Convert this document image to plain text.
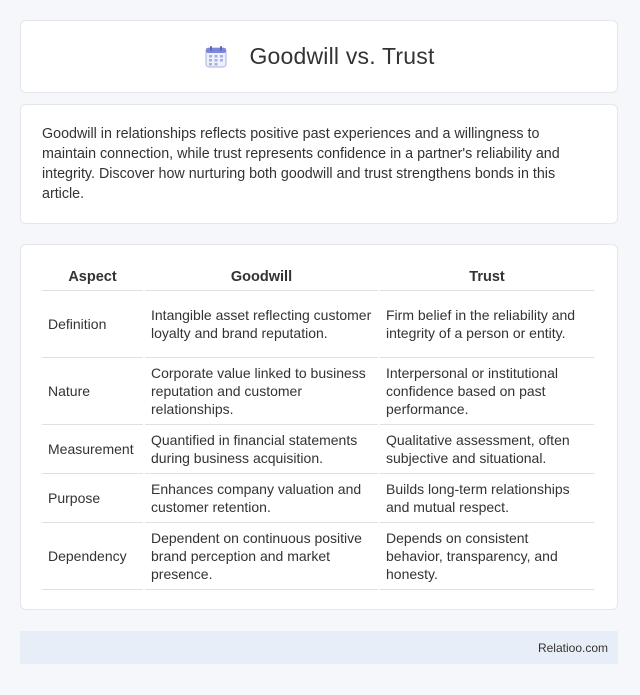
Goodwill vs. Trust

Goodwill in relationships reflects positive past experiences and a willingness to maintain connection, while trust represents confidence in a partner's reliability and integrity. Discover how nurturing both goodwill and trust strengthens bonds in this article.

Aspect	Goodwill	Trust
Definition	Intangible asset reflecting customer loyalty and brand reputation.	Firm belief in the reliability and integrity of a person or entity.
Nature	Corporate value linked to business reputation and customer relationships.	Interpersonal or institutional confidence based on past performance.
Measurement	Quantified in financial statements during business acquisition.	Qualitative assessment, often subjective and situational.
Purpose	Enhances company valuation and customer retention.	Builds long-term relationships and mutual respect.
Dependency	Dependent on continuous positive brand perception and market presence.	Depends on consistent behavior, transparency, and honesty.
Relatioo.com
